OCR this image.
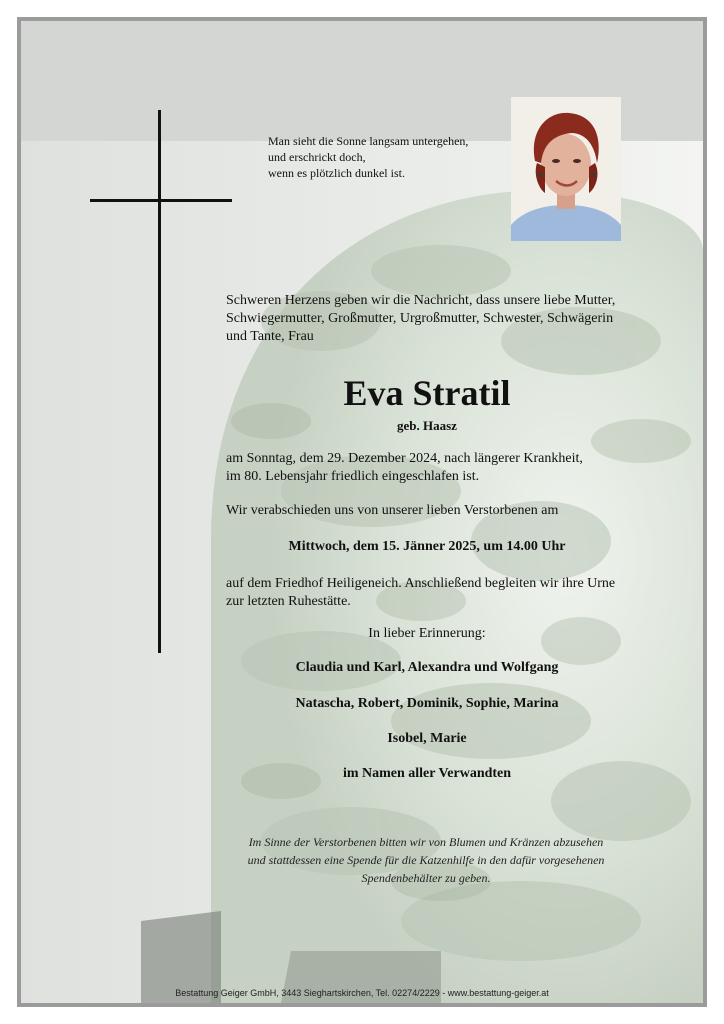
Man sieht die Sonne langsam untergehen,
und erschrickt doch,
wenn es plötzlich dunkel ist.
Schweren Herzens geben wir die Nachricht, dass unsere liebe Mutter,
Schwiegermutter, Großmutter, Urgroßmutter, Schwester, Schwägerin
und Tante, Frau
Eva Stratil
geb. Haasz
am Sonntag, dem 29. Dezember 2024, nach längerer Krankheit,
im 80. Lebensjahr friedlich eingeschlafen ist.
Wir verabschieden uns von unserer lieben Verstorbenen am
Mittwoch, dem 15. Jänner 2025, um 14.00 Uhr
auf dem Friedhof Heiligeneich. Anschließend begleiten wir ihre Urne
zur letzten Ruhestätte.
In lieber Erinnerung:
Claudia und Karl, Alexandra und Wolfgang
Natascha, Robert, Dominik, Sophie, Marina
Isobel, Marie
im Namen aller Verwandten
Im Sinne der Verstorbenen bitten wir von Blumen und Kränzen abzusehen
und stattdessen eine Spende für die Katzenhilfe in den dafür vorgesehenen
Spendenbehälter zu geben.
Bestattung Geiger GmbH, 3443 Sieghartskirchen, Tel. 02274/2229 - www.bestattung-geiger.at
